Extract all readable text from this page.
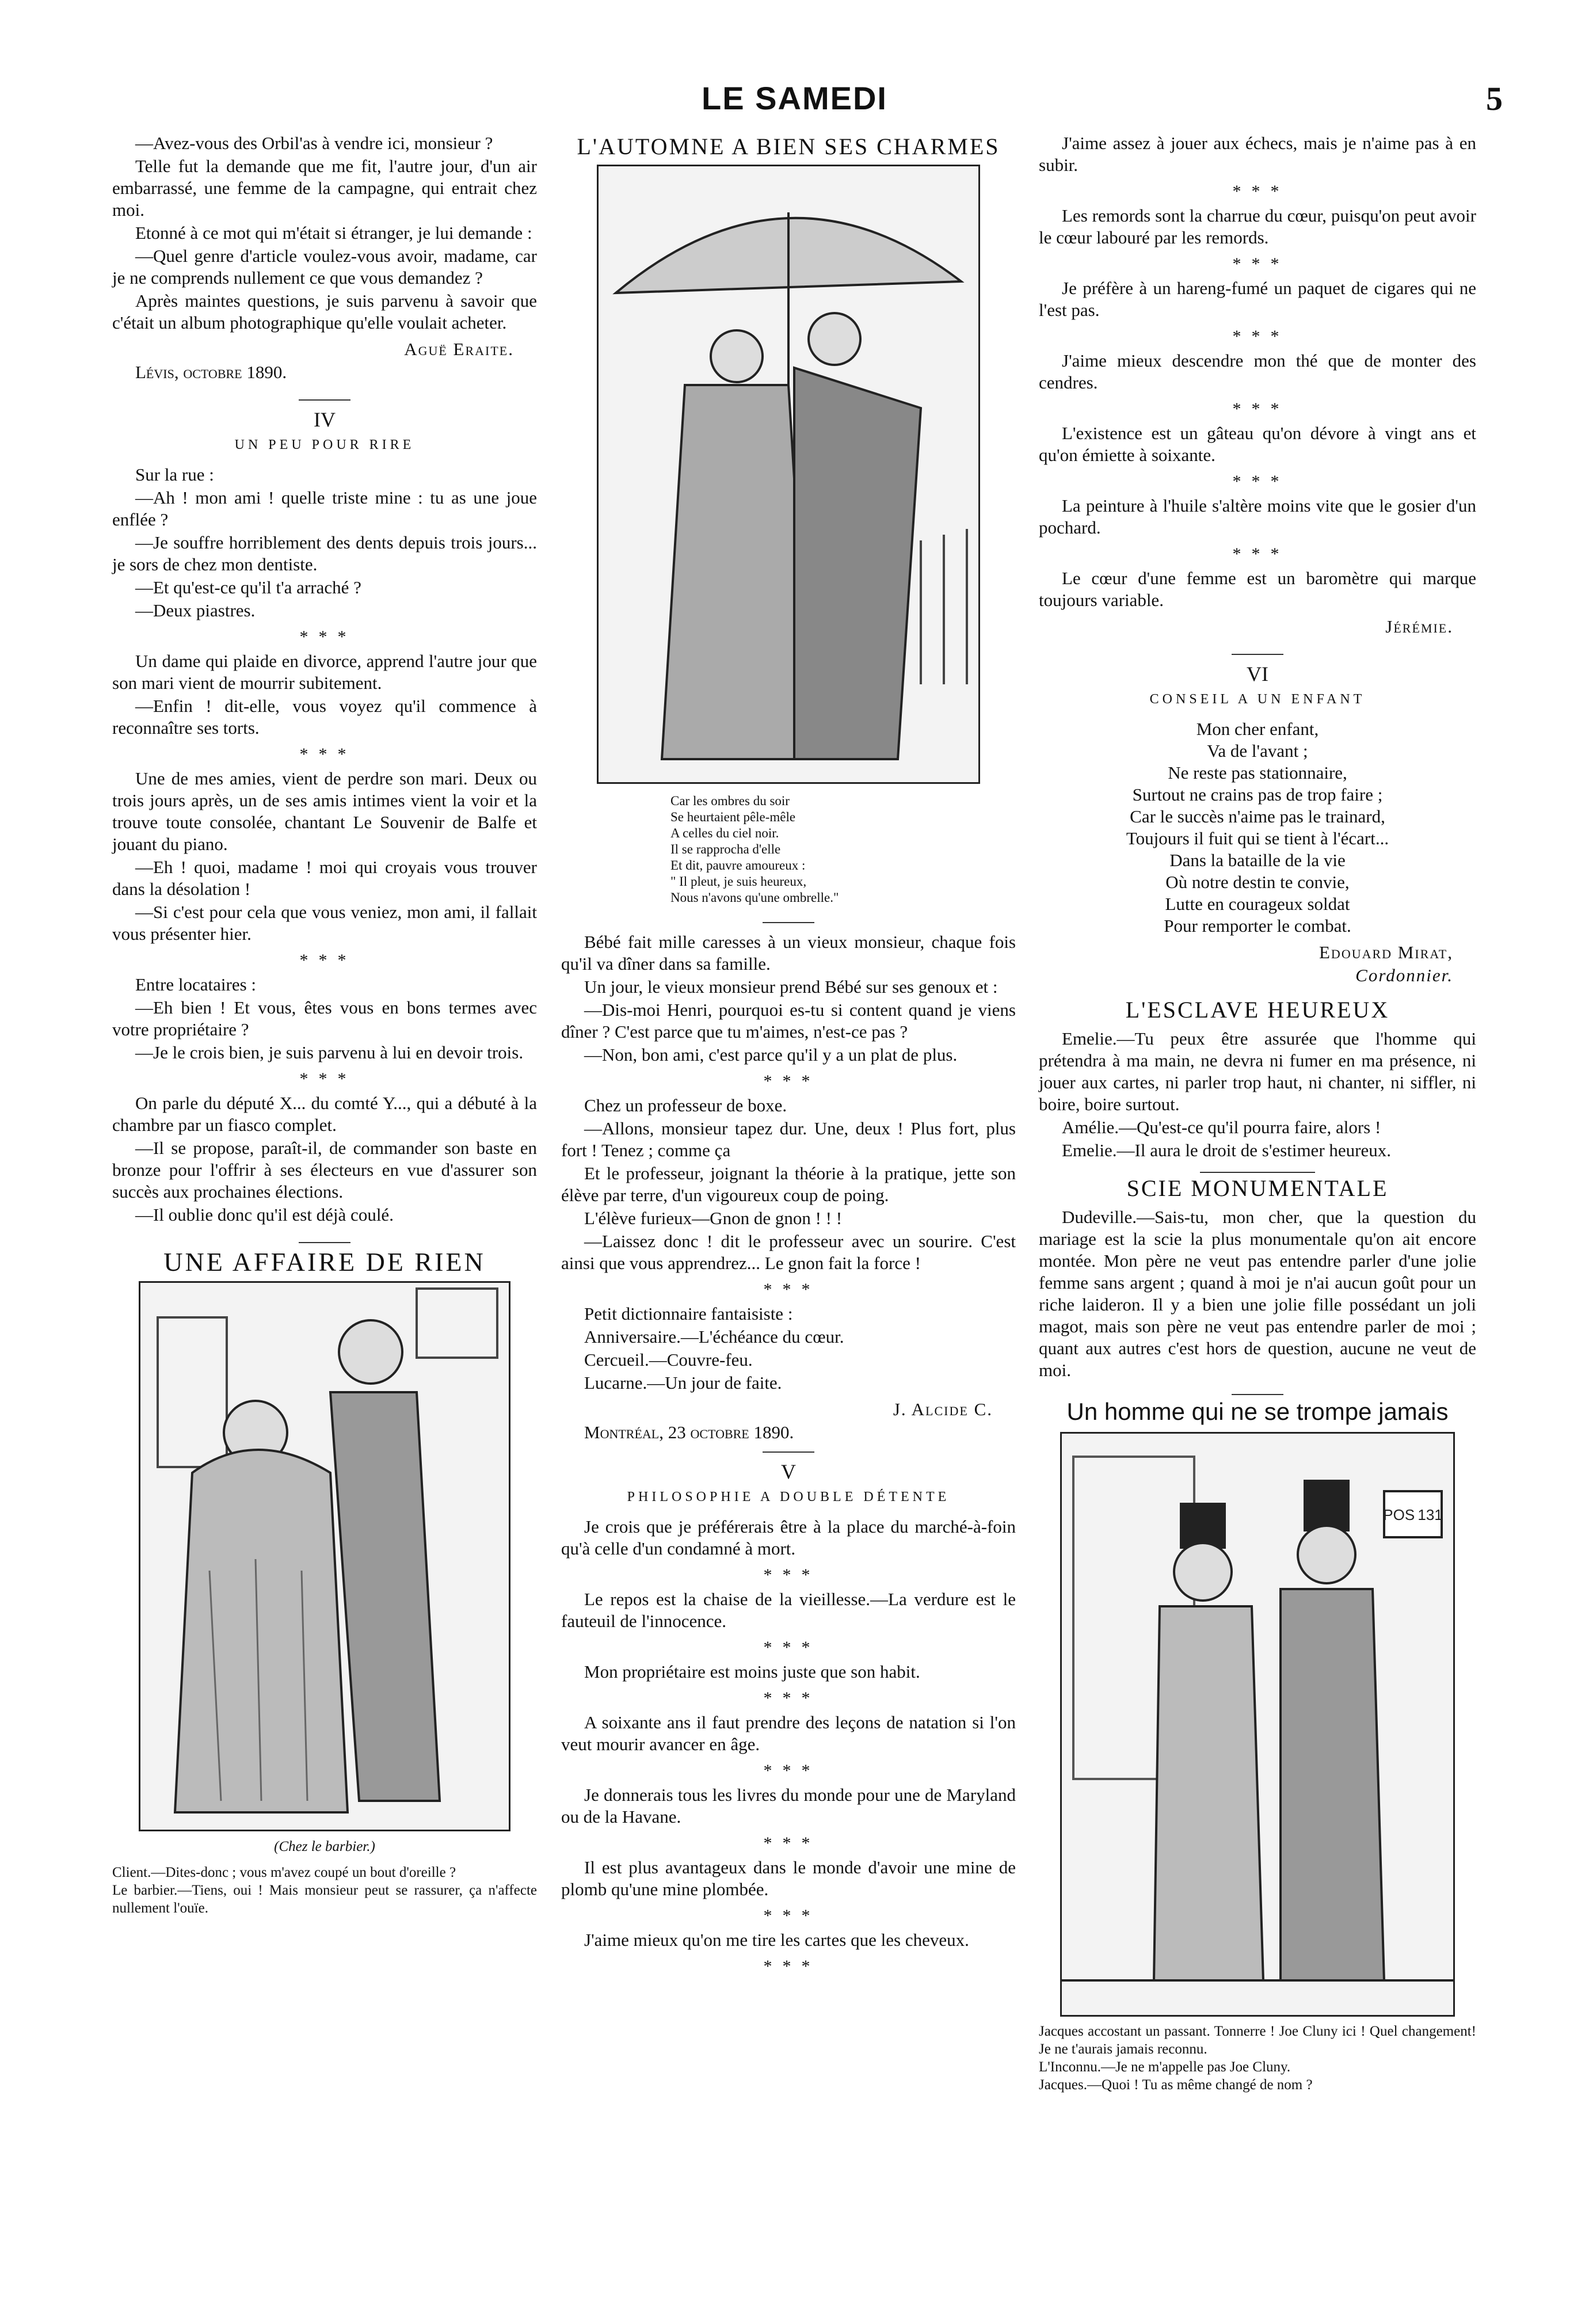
LE SAMEDI	5

—Avez-vous des Orbil'as à vendre ici, monsieur ?

Telle fut la demande que me fit, l'autre jour, d'un air embarrassé, une femme de la campagne, qui entrait chez moi.

Etonné à ce mot qui m'était si étranger, je lui demande :

—Quel genre d'article voulez-vous avoir, madame, car je ne comprends nullement ce que vous demandez ?

Après maintes questions, je suis parvenu à savoir que c'était un album photographique qu'elle voulait acheter.

Aguë Eraite.
Lévis, octobre 1890.
IV
UN PEU POUR RIRE

Sur la rue :

—Ah ! mon ami ! quelle triste mine : tu as une joue enflée ?

—Je souffre horriblement des dents depuis trois jours... je sors de chez mon dentiste.

—Et qu'est-ce qu'il t'a arraché ?

—Deux piastres.

* * *

Un dame qui plaide en divorce, apprend l'autre jour que son mari vient de mourrir subitement.

—Enfin ! dit-elle, vous voyez qu'il commence à reconnaître ses torts.

* * *

Une de mes amies, vient de perdre son mari. Deux ou trois jours après, un de ses amis intimes vient la voir et la trouve toute consolée, chantant Le Souvenir de Balfe et jouant du piano.

—Eh ! quoi, madame ! moi qui croyais vous trouver dans la désolation !

—Si c'est pour cela que vous veniez, mon ami, il fallait vous présenter hier.

* * *

Entre locataires :

—Eh bien ! Et vous, êtes vous en bons termes avec votre propriétaire ?

—Je le crois bien, je suis parvenu à lui en devoir trois.

* * *

On parle du député X... du comté Y..., qui a débuté à la chambre par un fiasco complet.

—Il se propose, paraît-il, de commander son baste en bronze pour l'offrir à ses électeurs en vue d'assurer son succès aux prochaines élections.

—Il oublie donc qu'il est déjà coulé.

UNE AFFAIRE DE RIEN
(Chez le barbier.)
Client.—Dites-donc ; vous m'avez coupé un bout d'oreille ?
Le barbier.—Tiens, oui ! Mais monsieur peut se rassurer, ça n'affecte nullement l'ouïe.
L'AUTOMNE A BIEN SES CHARMES
Car les ombres du soir
Se heurtaient pêle-mêle
A celles du ciel noir.
Il se rapprocha d'elle
Et dit, pauvre amoureux :
" Il pleut, je suis heureux,
Nous n'avons qu'une ombrelle."

Bébé fait mille caresses à un vieux monsieur, chaque fois qu'il va dîner dans sa famille.

Un jour, le vieux monsieur prend Bébé sur ses genoux et :

—Dis-moi Henri, pourquoi es-tu si content quand je viens dîner ? C'est parce que tu m'aimes, n'est-ce pas ?

—Non, bon ami, c'est parce qu'il y a un plat de plus.

* * *

Chez un professeur de boxe.

—Allons, monsieur tapez dur. Une, deux ! Plus fort, plus fort ! Tenez ; comme ça

Et le professeur, joignant la théorie à la pratique, jette son élève par terre, d'un vigoureux coup de poing.

L'élève furieux—Gnon de gnon ! ! !

—Laissez donc ! dit le professeur avec un sourire. C'est ainsi que vous apprendrez... Le gnon fait la force !

* * *

Petit dictionnaire fantaisiste :

Anniversaire.—L'échéance du cœur.

Cercueil.—Couvre-feu.

Lucarne.—Un jour de faite.

J. Alcide C.
Montréal, 23 octobre 1890.
V
PHILOSOPHIE A DOUBLE DÉTENTE

Je crois que je préférerais être à la place du marché-à-foin qu'à celle d'un condamné à mort.

* * *

Le repos est la chaise de la vieillesse.—La verdure est le fauteuil de l'innocence.

* * *

Mon propriétaire est moins juste que son habit.

* * *

A soixante ans il faut prendre des leçons de natation si l'on veut mourir avancer en âge.

* * *

Je donnerais tous les livres du monde pour une de Maryland ou de la Havane.

* * *

Il est plus avantageux dans le monde d'avoir une mine de plomb qu'une mine plombée.

* * *

J'aime mieux qu'on me tire les cartes que les cheveux.

* * *

J'aime assez à jouer aux échecs, mais je n'aime pas à en subir.

* * *

Les remords sont la charrue du cœur, puisqu'on peut avoir le cœur labouré par les remords.

* * *

Je préfère à un hareng-fumé un paquet de cigares qui ne l'est pas.

* * *

J'aime mieux descendre mon thé que de monter des cendres.

* * *

L'existence est un gâteau qu'on dévore à vingt ans et qu'on émiette à soixante.

* * *

La peinture à l'huile s'altère moins vite que le gosier d'un pochard.

* * *

Le cœur d'une femme est un baromètre qui marque toujours variable.

Jérémie.
VI
CONSEIL A UN ENFANT
Mon cher enfant,
Va de l'avant ;
Ne reste pas stationnaire,
Surtout ne crains pas de trop faire ;
Car le succès n'aime pas le trainard,
Toujours il fuit qui se tient à l'écart...
Dans la bataille de la vie
Où notre destin te convie,
Lutte en courageux soldat
Pour remporter le combat.
Edouard Mirat,
Cordonnier.
L'ESCLAVE HEUREUX

Emelie.—Tu peux être assurée que l'homme qui prétendra à ma main, ne devra ni fumer en ma présence, ni jouer aux cartes, ni parler trop haut, ni chanter, ni siffler, ni boire, boire surtout.

Amélie.—Qu'est-ce qu'il pourra faire, alors !

Emelie.—Il aura le droit de s'estimer heureux.

SCIE MONUMENTALE

Dudeville.—Sais-tu, mon cher, que la question du mariage est la scie la plus monumentale qu'on ait encore montée. Mon père ne veut pas entendre parler d'une jolie femme sans argent ; quand à moi je n'ai aucun goût pour un riche laideron. Il y a bien une jolie fille possédant un joli magot, mais son père ne veut pas entendre parler de moi ; quant aux autres c'est hors de question, aucune ne veut de moi.

Un homme qui ne se trompe jamais
POS 131
Jacques accostant un passant. Tonnerre ! Joe Cluny ici ! Quel changement! Je ne t'aurais jamais reconnu.
L'Inconnu.—Je ne m'appelle pas Joe Cluny.
Jacques.—Quoi ! Tu as même changé de nom ?
